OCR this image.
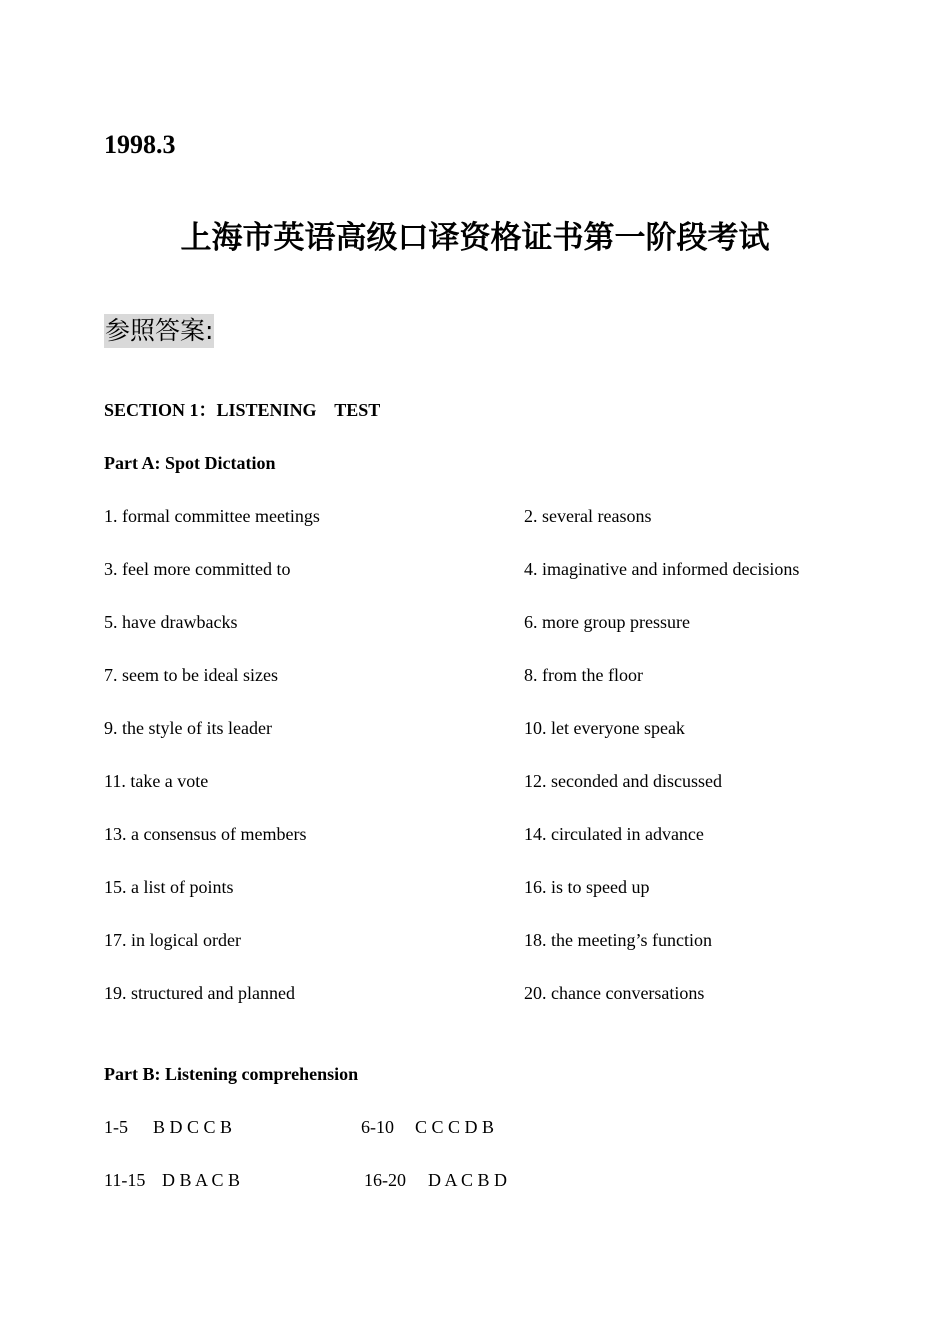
1998.3
上海市英语高级口译资格证书第一阶段考试
参照答案:
SECTION 1：LISTENING    TEST
Part A: Spot Dictation
1. formal committee meetings	2. several reasons
3. feel more committed to	4. imaginative and informed decisions
5. have drawbacks	6. more group pressure
7. seem to be ideal sizes	8. from the floor
9. the style of its leader	10. let everyone speak
11. take a vote	12. seconded and discussed
13. a consensus of members	14. circulated in advance
15. a list of points	16. is to speed up
17. in logical order	18. the meeting’s function
19. structured and planned	20. chance conversations
Part B: Listening comprehension
1-5 B D C C B	6-10 C C C D B
11-15 D B A C B	16-20 D A C B D
